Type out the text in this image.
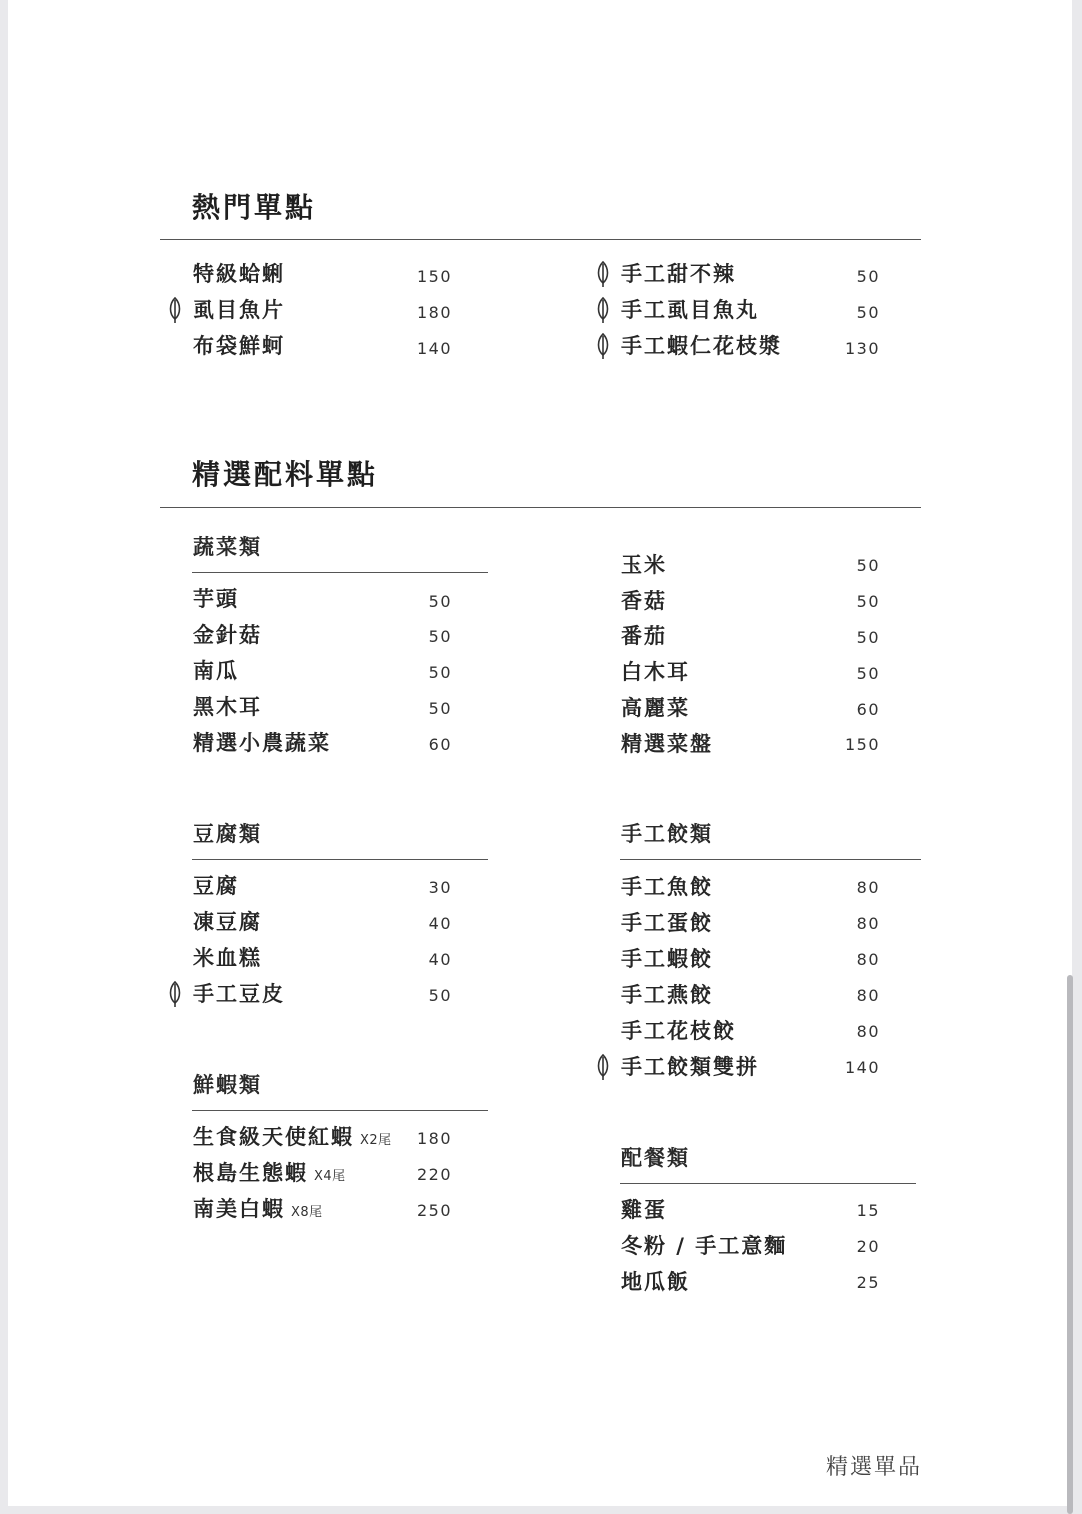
熱門單點
特級蛤蜊	150
虱目魚片	180
布袋鮮蚵	140
手工甜不辣	50
手工虱目魚丸	50
手工蝦仁花枝漿	130
精選配料單點
蔬菜類
芋頭	50
金針菇	50
南瓜	50
黑木耳	50
精選小農蔬菜	60
玉米	50
香菇	50
番茄	50
白木耳	50
高麗菜	60
精選菜盤	150
豆腐類
豆腐	30
凍豆腐	40
米血糕	40
手工豆皮	50
手工餃類
手工魚餃	80
手工蛋餃	80
手工蝦餃	80
手工燕餃	80
手工花枝餃	80
手工餃類雙拼	140
鮮蝦類
生食級天使紅蝦 X2尾	180
根島生態蝦 X4尾	220
南美白蝦 X8尾	250
配餐類
雞蛋	15
冬粉 / 手工意麵	20
地瓜飯	25
精選單品
